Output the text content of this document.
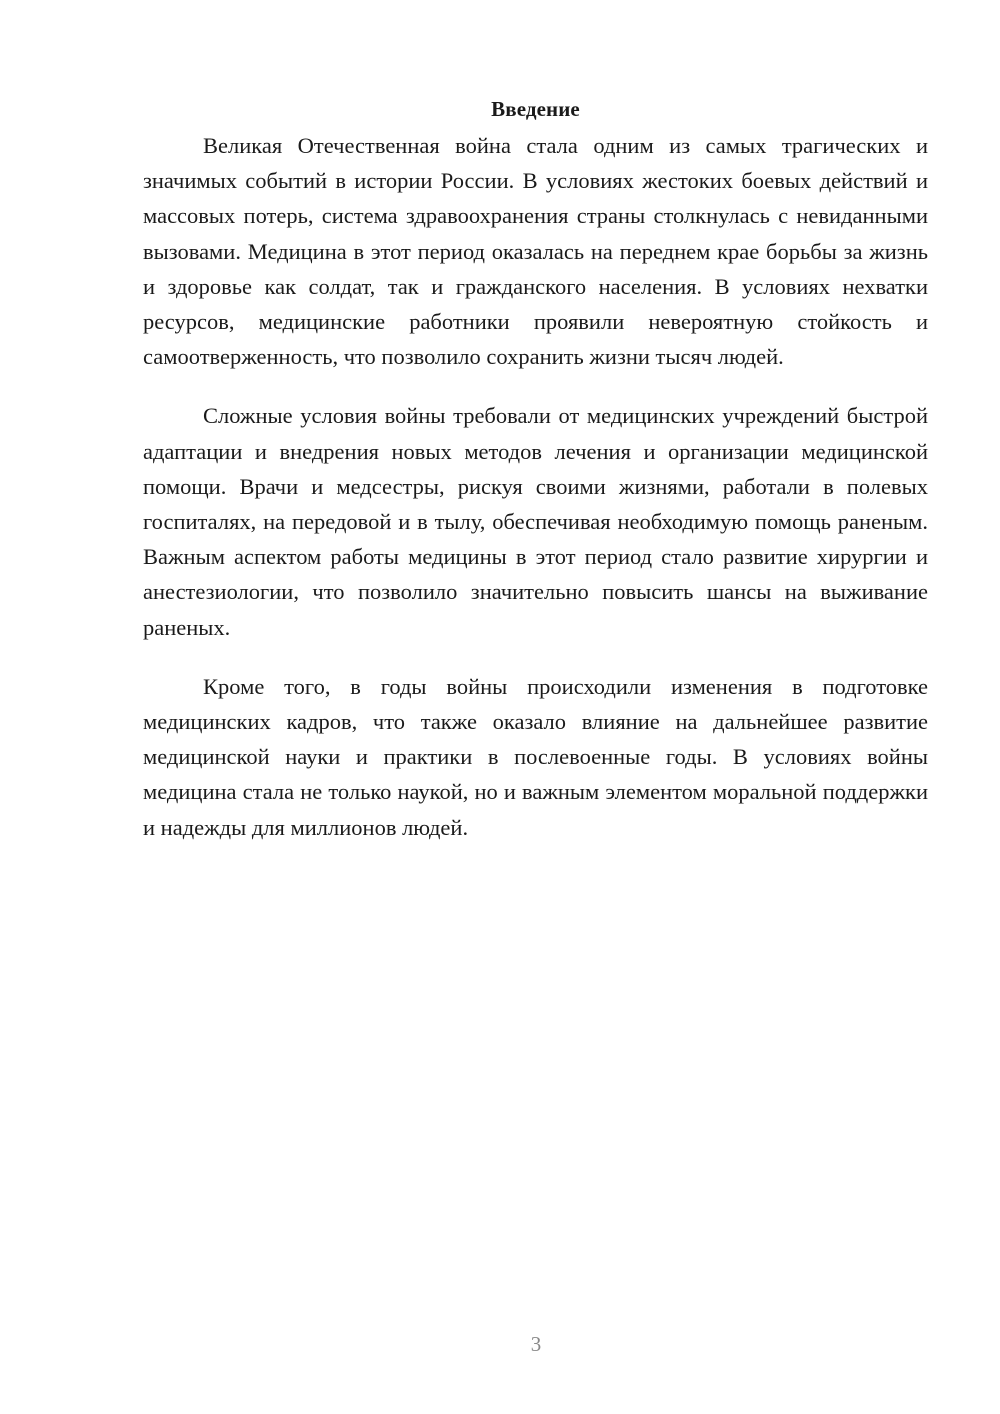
Введение

Великая Отечественная война стала одним из самых трагических и значимых событий в истории России. В условиях жестоких боевых действий и массовых потерь, система здравоохранения страны столкнулась с невиданными вызовами. Медицина в этот период оказалась на переднем крае борьбы за жизнь и здоровье как солдат, так и гражданского населения. В условиях нехватки ресурсов, медицинские работники проявили невероятную стойкость и самоотверженность, что позволило сохранить жизни тысяч людей.

Сложные условия войны требовали от медицинских учреждений быстрой адаптации и внедрения новых методов лечения и организации медицинской помощи. Врачи и медсестры, рискуя своими жизнями, работали в полевых госпиталях, на передовой и в тылу, обеспечивая необходимую помощь раненым. Важным аспектом работы медицины в этот период стало развитие хирургии и анестезиологии, что позволило значительно повысить шансы на выживание раненых.

Кроме того, в годы войны происходили изменения в подготовке медицинских кадров, что также оказало влияние на дальнейшее развитие медицинской науки и практики в послевоенные годы. В условиях войны медицина стала не только наукой, но и важным элементом моральной поддержки и надежды для миллионов людей.

3
